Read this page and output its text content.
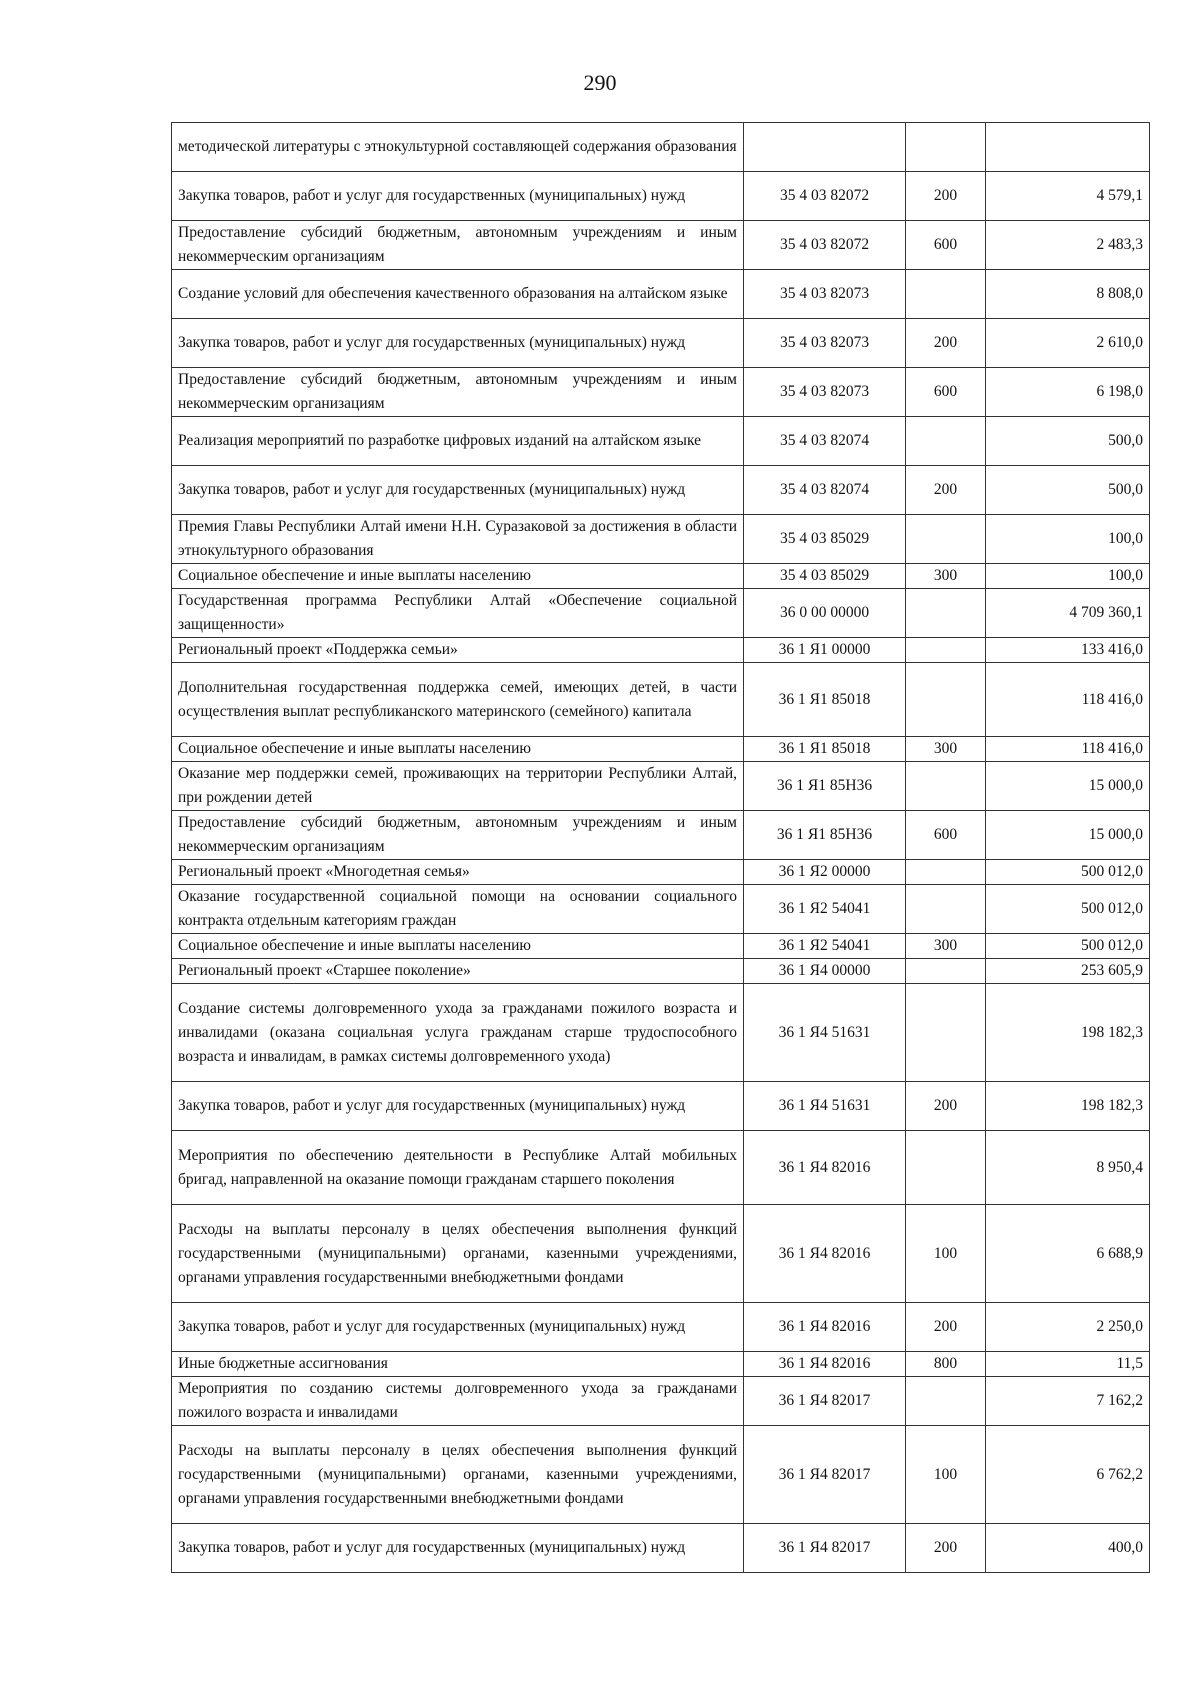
290
методической литературы с этнокультурной составляющей содержания образования			
Закупка товаров, работ и услуг для государственных (муниципальных) нужд	35 4 03 82072	200	4 579,1
Предоставление субсидий бюджетным, автономным учреждениям и иным некоммерческим организациям	35 4 03 82072	600	2 483,3
Создание условий для обеспечения качественного образования на алтайском языке	35 4 03 82073		8 808,0
Закупка товаров, работ и услуг для государственных (муниципальных) нужд	35 4 03 82073	200	2 610,0
Предоставление субсидий бюджетным, автономным учреждениям и иным некоммерческим организациям	35 4 03 82073	600	6 198,0
Реализация мероприятий по разработке цифровых изданий на алтайском языке	35 4 03 82074		500,0
Закупка товаров, работ и услуг для государственных (муниципальных) нужд	35 4 03 82074	200	500,0
Премия Главы Республики Алтай имени Н.Н. Суразаковой за достижения в области этнокультурного образования	35 4 03 85029		100,0
Социальное обеспечение и иные выплаты населению	35 4 03 85029	300	100,0
Государственная программа Республики Алтай «Обеспечение социальной защищенности»	36 0 00 00000		4 709 360,1
Региональный проект «Поддержка семьи»	36 1 Я1 00000		133 416,0
Дополнительная государственная поддержка семей, имеющих детей, в части осуществления выплат республиканского материнского (семейного) капитала	36 1 Я1 85018		118 416,0
Социальное обеспечение и иные выплаты населению	36 1 Я1 85018	300	118 416,0
Оказание мер поддержки семей, проживающих на территории Республики Алтай, при рождении детей	36 1 Я1 85Н36		15 000,0
Предоставление субсидий бюджетным, автономным учреждениям и иным некоммерческим организациям	36 1 Я1 85Н36	600	15 000,0
Региональный проект «Многодетная семья»	36 1 Я2 00000		500 012,0
Оказание государственной социальной помощи на основании социального контракта отдельным категориям граждан	36 1 Я2 54041		500 012,0
Социальное обеспечение и иные выплаты населению	36 1 Я2 54041	300	500 012,0
Региональный проект «Старшее поколение»	36 1 Я4 00000		253 605,9
Создание системы долговременного ухода за гражданами пожилого возраста и инвалидами (оказана социальная услуга гражданам старше трудоспособного возраста и инвалидам, в рамках системы долговременного ухода)	36 1 Я4 51631		198 182,3
Закупка товаров, работ и услуг для государственных (муниципальных) нужд	36 1 Я4 51631	200	198 182,3
Мероприятия по обеспечению деятельности в Республике Алтай мобильных бригад, направленной на оказание помощи гражданам старшего поколения	36 1 Я4 82016		8 950,4
Расходы на выплаты персоналу в целях обеспечения выполнения функций государственными (муниципальными) органами, казенными учреждениями, органами управления государственными внебюджетными фондами	36 1 Я4 82016	100	6 688,9
Закупка товаров, работ и услуг для государственных (муниципальных) нужд	36 1 Я4 82016	200	2 250,0
Иные бюджетные ассигнования	36 1 Я4 82016	800	11,5
Мероприятия по созданию системы долговременного ухода за гражданами пожилого возраста и инвалидами	36 1 Я4 82017		7 162,2
Расходы на выплаты персоналу в целях обеспечения выполнения функций государственными (муниципальными) органами, казенными учреждениями, органами управления государственными внебюджетными фондами	36 1 Я4 82017	100	6 762,2
Закупка товаров, работ и услуг для государственных (муниципальных) нужд	36 1 Я4 82017	200	400,0
